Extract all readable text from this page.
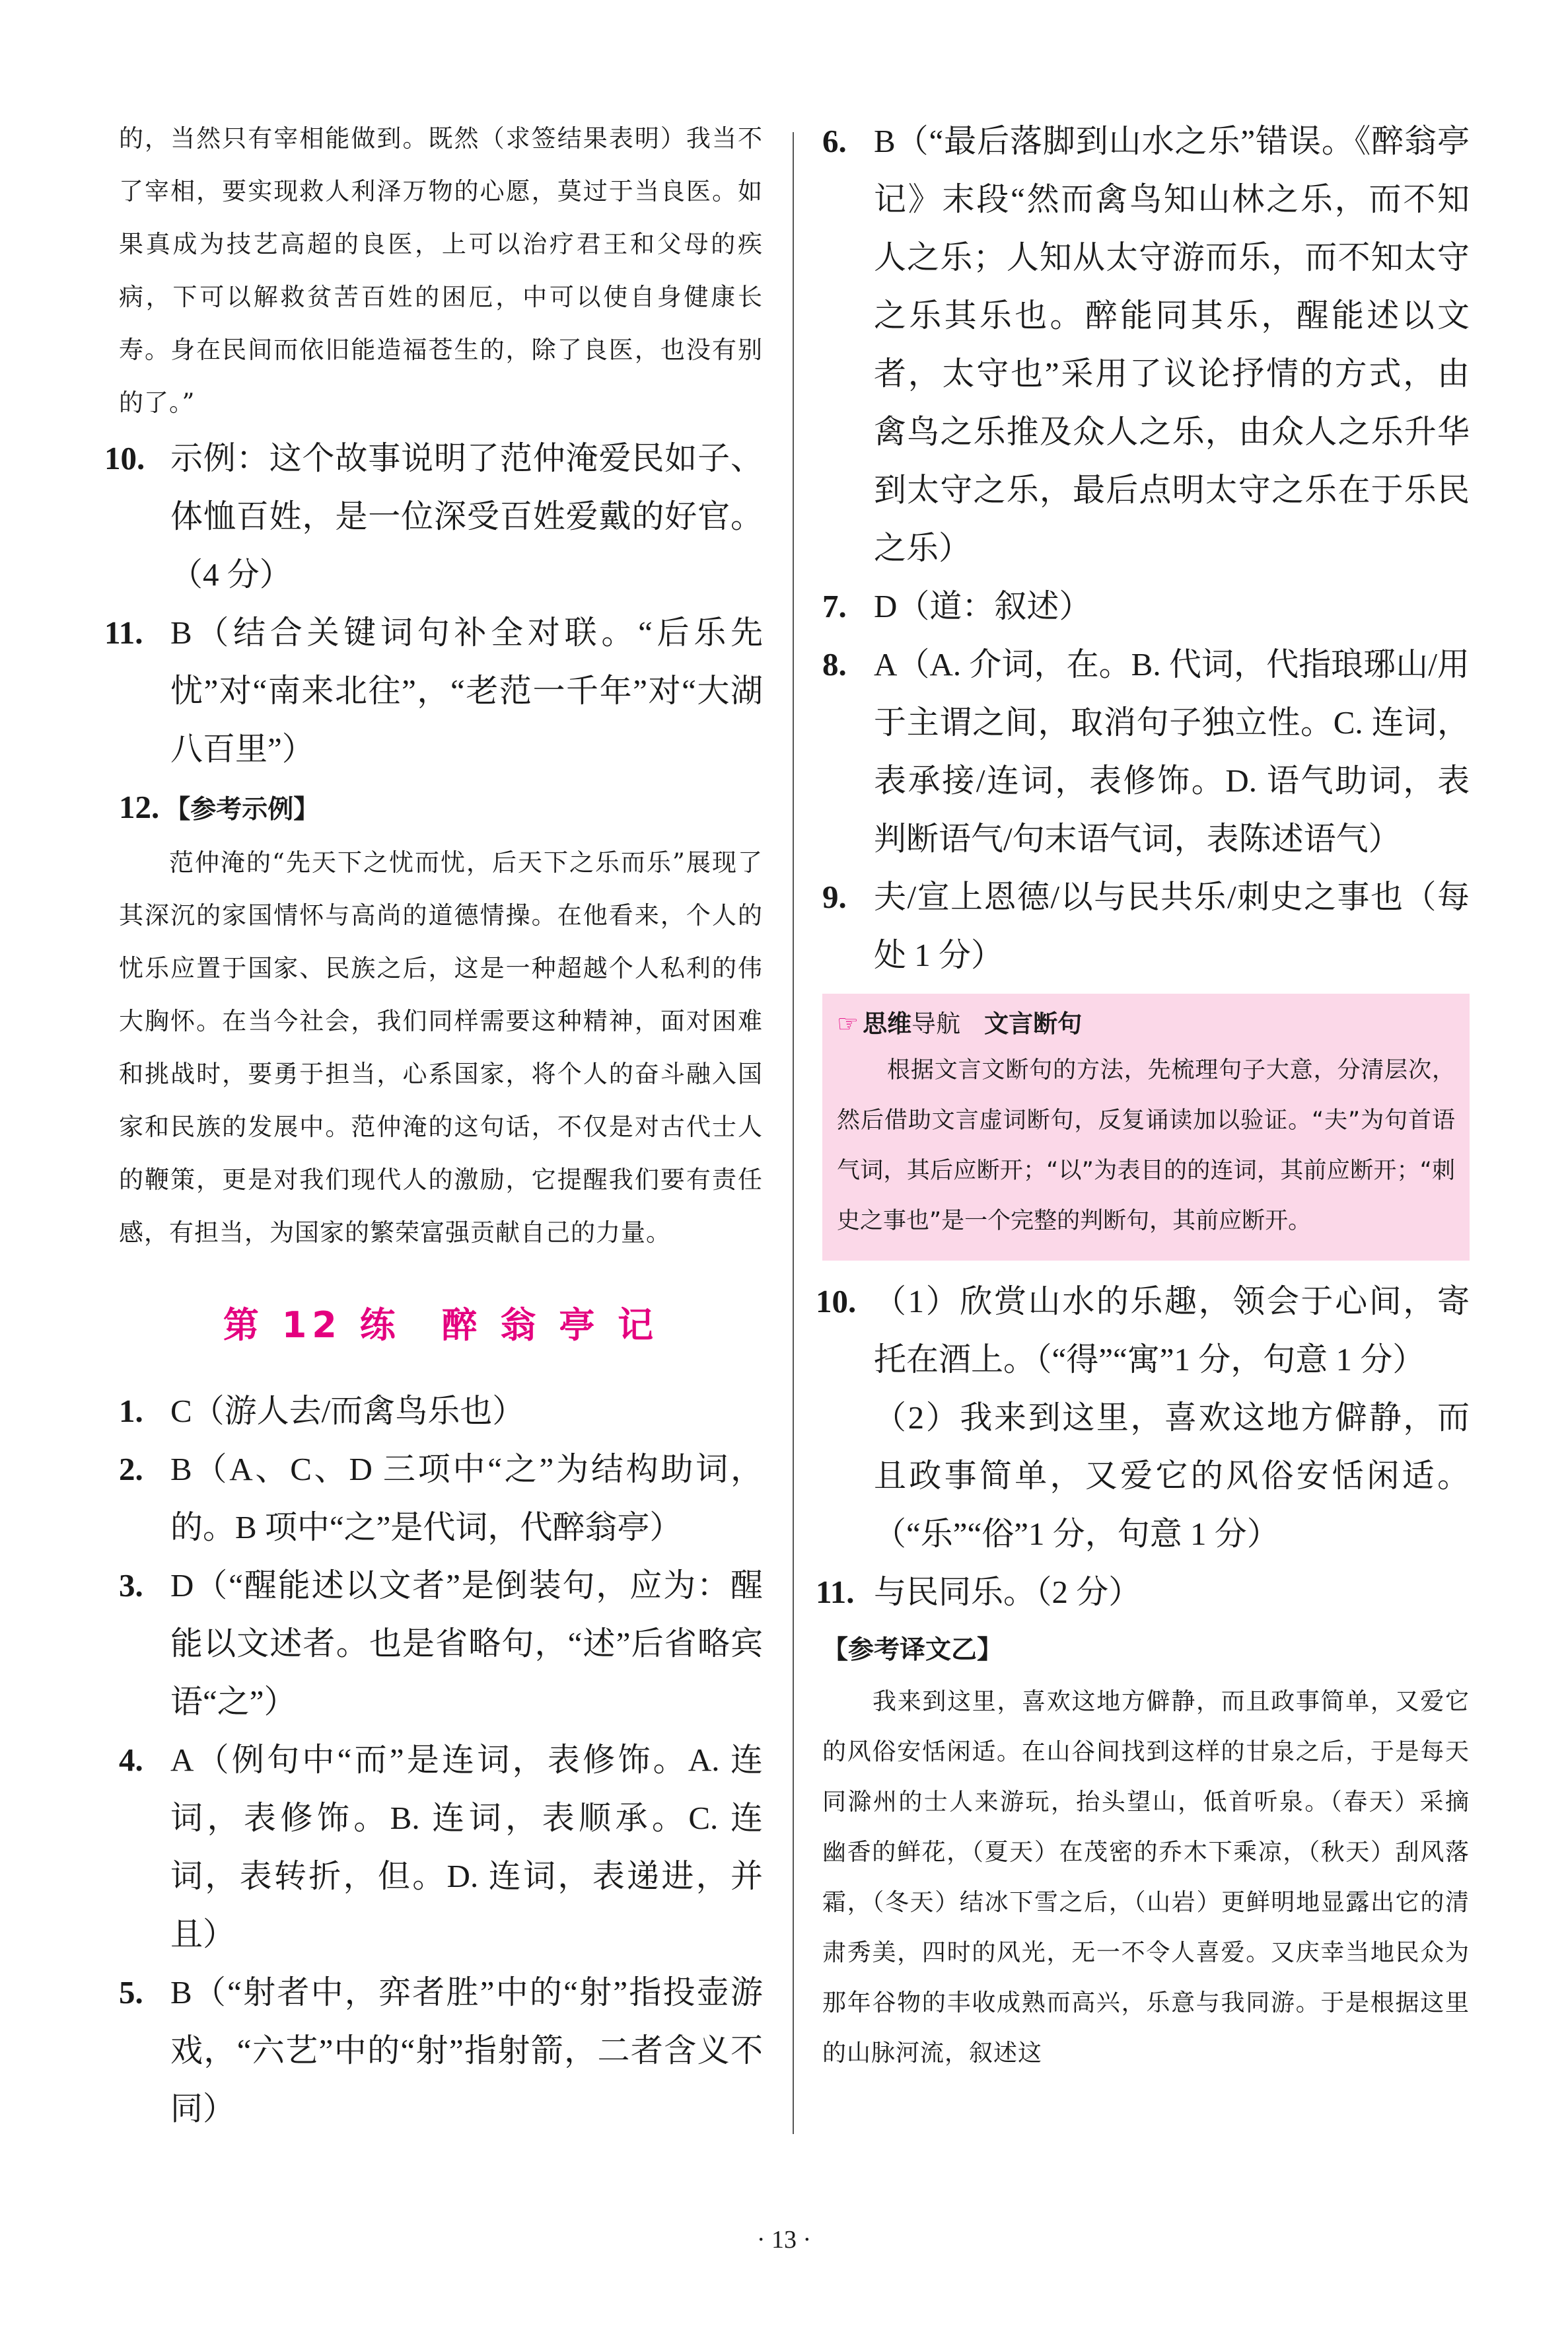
的，当然只有宰相能做到。既然（求签结果表明）我当不了宰相，要实现救人利泽万物的心愿，莫过于当良医。如果真成为技艺高超的良医，上可以治疗君王和父母的疾病，下可以解救贫苦百姓的困厄，中可以使自身健康长寿。身在民间而依旧能造福苍生的，除了良医，也没有别的了。”

10. 示例：这个故事说明了范仲淹爱民如子、体恤百姓，是一位深受百姓爱戴的好官。（4 分）

11. B（结合关键词句补全对联。“后乐先忧”对“南来北往”，“老范一千年”对“大湖八百里”）

12. 【参考示例】

范仲淹的“先天下之忧而忧，后天下之乐而乐”展现了其深沉的家国情怀与高尚的道德情操。在他看来，个人的忧乐应置于国家、民族之后，这是一种超越个人私利的伟大胸怀。在当今社会，我们同样需要这种精神，面对困难和挑战时，要勇于担当，心系国家，将个人的奋斗融入国家和民族的发展中。范仲淹的这句话，不仅是对古代士人的鞭策，更是对我们现代人的激励，它提醒我们要有责任感，有担当，为国家的繁荣富强贡献自己的力量。

第 12 练　醉 翁 亭 记

1. C（游人去/而禽鸟乐也）

2. B（A、C、D 三项中“之”为结构助词，的。B 项中“之”是代词，代醉翁亭）

3. D（“醒能述以文者”是倒装句，应为：醒能以文述者。也是省略句，“述”后省略宾语“之”）

4. A（例句中“而”是连词，表修饰。A. 连词，表修饰。B. 连词，表顺承。C. 连词，表转折，但。D. 连词，表递进，并且）

5. B（“射者中，弈者胜”中的“射”指投壶游戏，“六艺”中的“射”指射箭，二者含义不同）

6. B（“最后落脚到山水之乐”错误。《醉翁亭记》末段“然而禽鸟知山林之乐，而不知人之乐；人知从太守游而乐，而不知太守之乐其乐也。醉能同其乐，醒能述以文者，太守也”采用了议论抒情的方式，由禽鸟之乐推及众人之乐，由众人之乐升华到太守之乐，最后点明太守之乐在于乐民之乐）

7. D（道：叙述）

8. A（A. 介词，在。B. 代词，代指琅琊山/用于主谓之间，取消句子独立性。C. 连词，表承接/连词，表修饰。D. 语气助词，表判断语气/句末语气词，表陈述语气）

9. 夫/宣上恩德/以与民共乐/刺史之事也（每处 1 分）

☞ 思维导航 文言断句

根据文言文断句的方法，先梳理句子大意，分清层次，然后借助文言虚词断句，反复诵读加以验证。“夫”为句首语气词，其后应断开；“以”为表目的的连词，其前应断开；“刺史之事也”是一个完整的判断句，其前应断开。

10. （1）欣赏山水的乐趣，领会于心间，寄托在酒上。（“得”“寓”1 分，句意 1 分）

（2）我来到这里，喜欢这地方僻静，而且政事简单，又爱它的风俗安恬闲适。（“乐”“俗”1 分，句意 1 分）

11. 与民同乐。（2 分）

【参考译文乙】

我来到这里，喜欢这地方僻静，而且政事简单，又爱它的风俗安恬闲适。在山谷间找到这样的甘泉之后，于是每天同滁州的士人来游玩，抬头望山，低首听泉。（春天）采摘幽香的鲜花，（夏天）在茂密的乔木下乘凉，（秋天）刮风落霜，（冬天）结冰下雪之后，（山岩）更鲜明地显露出它的清肃秀美，四时的风光，无一不令人喜爱。又庆幸当地民众为那年谷物的丰收成熟而高兴，乐意与我同游。于是根据这里的山脉河流，叙述这

· 13 ·
